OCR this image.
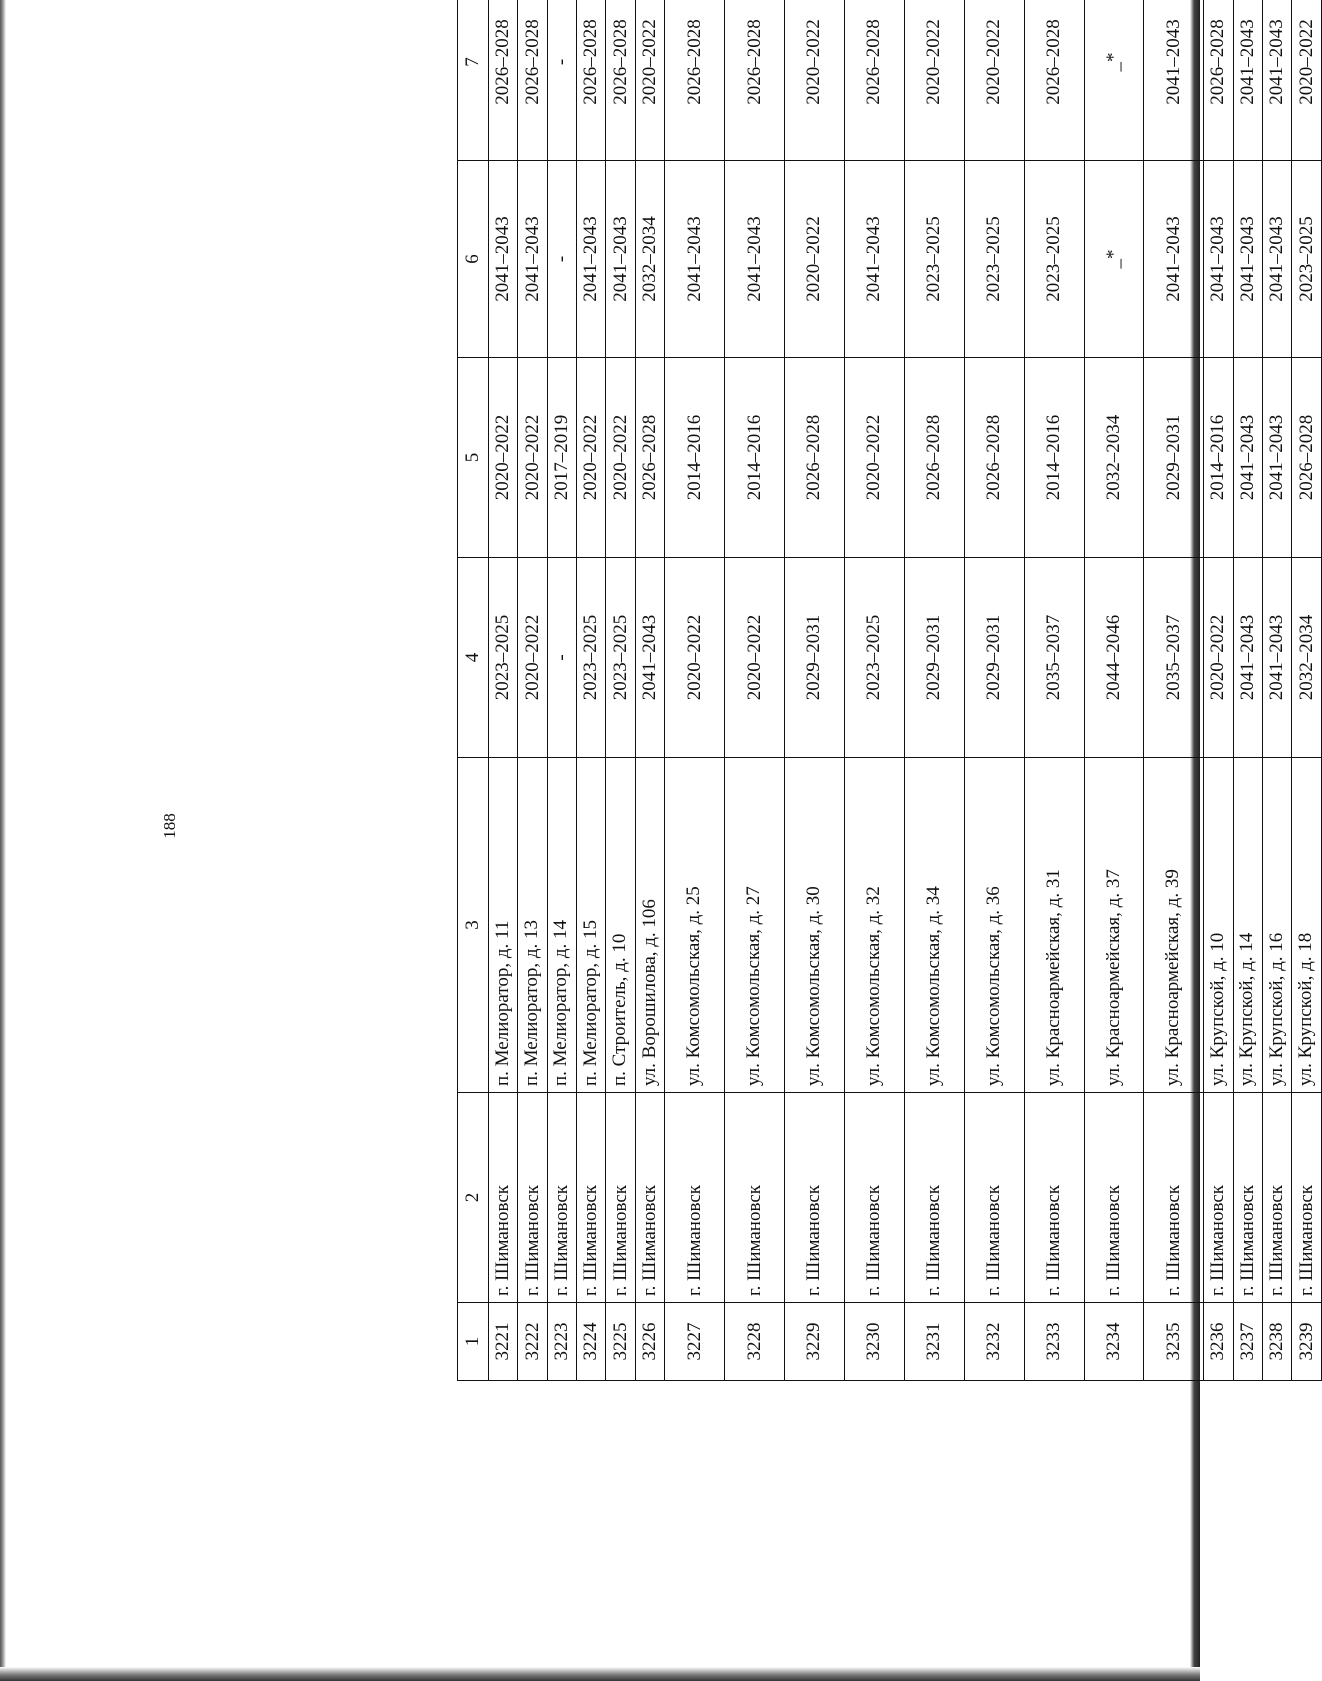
188
1	2	3	4	5	6	7
3221	г. Шимановск	п. Мелиоратор, д. 11	2023–2025	2020–2022	2041–2043	2026–2028
3222	г. Шимановск	п. Мелиоратор, д. 13	2020–2022	2020–2022	2041–2043	2026–2028
3223	г. Шимановск	п. Мелиоратор, д. 14	-	2017–2019	-	-
3224	г. Шимановск	п. Мелиоратор, д. 15	2023–2025	2020–2022	2041–2043	2026–2028
3225	г. Шимановск	п. Строитель, д. 10	2023–2025	2020–2022	2041–2043	2026–2028
3226	г. Шимановск	ул. Ворошилова, д. 106	2041–2043	2026–2028	2032–2034	2020–2022
3227	г. Шимановск	ул. Комсомольская, д. 25	2020–2022	2014–2016	2041–2043	2026–2028
3228	г. Шимановск	ул. Комсомольская, д. 27	2020–2022	2014–2016	2041–2043	2026–2028
3229	г. Шимановск	ул. Комсомольская, д. 30	2029–2031	2026–2028	2020–2022	2020–2022
3230	г. Шимановск	ул. Комсомольская, д. 32	2023–2025	2020–2022	2041–2043	2026–2028
3231	г. Шимановск	ул. Комсомольская, д. 34	2029–2031	2026–2028	2023–2025	2020–2022
3232	г. Шимановск	ул. Комсомольская, д. 36	2029–2031	2026–2028	2023–2025	2020–2022
3233	г. Шимановск	ул. Красноармейская, д. 31	2035–2037	2014–2016	2023–2025	2026–2028
3234	г. Шимановск	ул. Красноармейская, д. 37	2044–2046	2032–2034	_*	_*
3235	г. Шимановск	ул. Красноармейская, д. 39	2035–2037	2029–2031	2041–2043	2041–2043
3236	г. Шимановск	ул. Крупской, д. 10	2020–2022	2014–2016	2041–2043	2026–2028
3237	г. Шимановск	ул. Крупской, д. 14	2041–2043	2041–2043	2041–2043	2041–2043
3238	г. Шимановск	ул. Крупской, д. 16	2041–2043	2041–2043	2041–2043	2041–2043
3239	г. Шимановск	ул. Крупской, д. 18	2032–2034	2026–2028	2023–2025	2020–2022
